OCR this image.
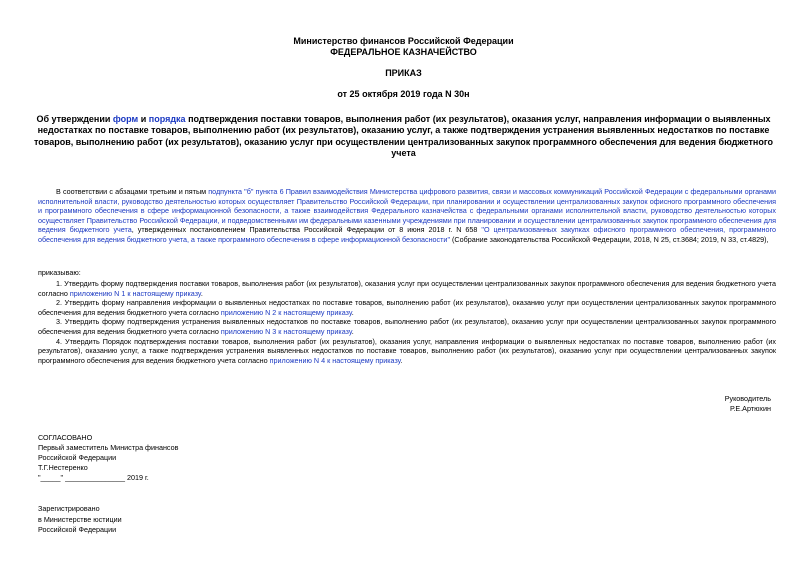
Министерство финансов Российской Федерации
ФЕДЕРАЛЬНОЕ КАЗНАЧЕЙСТВО
ПРИКАЗ
от 25 октября 2019 года N 30н
Об утверждении форм и порядка подтверждения поставки товаров, выполнения работ (их результатов), оказания услуг, направления информации о выявленных недостатках по поставке товаров, выполнению работ (их результатов), оказанию услуг, а также подтверждения устранения выявленных недостатков по поставке товаров, выполнению работ (их результатов), оказанию услуг при осуществлении централизованных закупок программного обеспечения для ведения бюджетного учета

В соответствии с абзацами третьим и пятым подпункта "б" пункта 6 Правил взаимодействия Министерства цифрового развития, связи и массовых коммуникаций Российской Федерации с федеральными органами исполнительной власти, руководство деятельностью которых осуществляет Правительство Российской Федерации, при планировании и осуществлении централизованных закупок офисного программного обеспечения и программного обеспечения в сфере информационной безопасности, а также взаимодействия Федерального казначейства с федеральными органами исполнительной власти, руководство деятельностью которых осуществляет Правительство Российской Федерации, и подведомственными им федеральными казенными учреждениями при планировании и осуществлении централизованных закупок программного обеспечения для ведения бюджетного учета, утвержденных постановлением Правительства Российской Федерации от 8 июня 2018 г. N 658 "О централизованных закупках офисного программного обеспечения, программного обеспечения для ведения бюджетного учета, а также программного обеспечения в сфере информационной безопасности" (Собрание законодательства Российской Федерации, 2018, N 25, ст.3684; 2019, N 33, ст.4829),

приказываю:

1. Утвердить форму подтверждения поставки товаров, выполнения работ (их результатов), оказания услуг при осуществлении централизованных закупок программного обеспечения для ведения бюджетного учета согласно приложению N 1 к настоящему приказу.

2. Утвердить форму направления информации о выявленных недостатках по поставке товаров, выполнению работ (их результатов), оказанию услуг при осуществлении централизованных закупок программного обеспечения для ведения бюджетного учета согласно приложению N 2 к настоящему приказу.

3. Утвердить форму подтверждения устранения выявленных недостатков по поставке товаров, выполнению работ (их результатов), оказанию услуг при осуществлении централизованных закупок программного обеспечения для ведения бюджетного учета согласно приложению N 3 к настоящему приказу.

4. Утвердить Порядок подтверждения поставки товаров, выполнения работ (их результатов), оказания услуг, направления информации о выявленных недостатках по поставке товаров, выполнению работ (их результатов), оказанию услуг, а также подтверждения устранения выявленных недостатков по поставке товаров, выполнению работ (их результатов), оказанию услуг при осуществлении централизованных закупок программного обеспечения для ведения бюджетного учета согласно приложению N 4 к настоящему приказу.

Руководитель
Р.Е.Артюхин
СОГЛАСОВАНО
Первый заместитель Министра финансов
Российской Федерации
Т.Г.Нестеренко
"_____" _______________ 2019 г.
Зарегистрировано
в Министерстве юстиции
Российской Федерации
